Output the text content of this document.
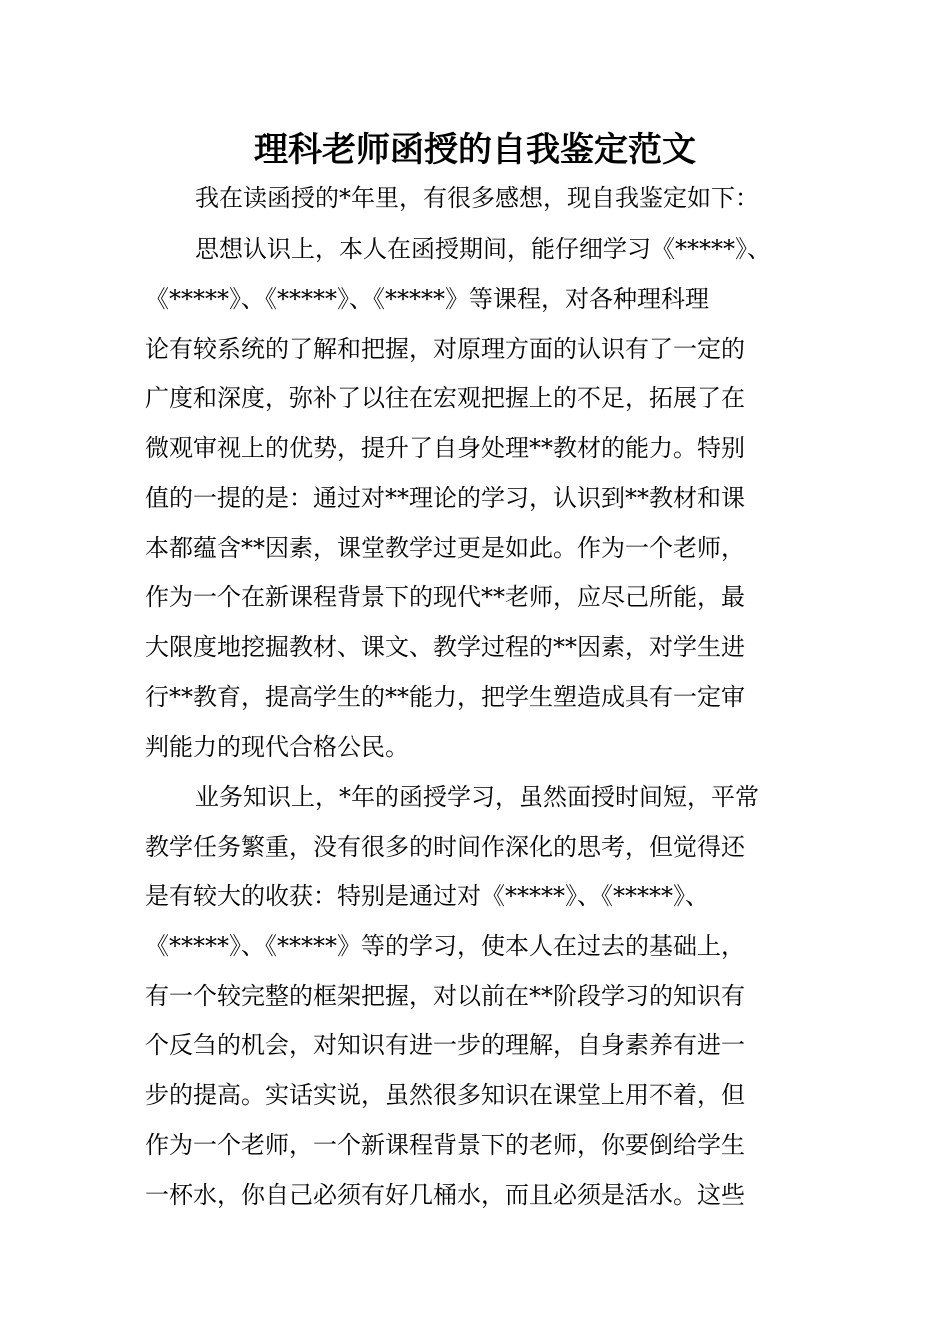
理科老师函授的自我鉴定范文

我在读函授的*年里，有很多感想，现自我鉴定如下：

思想认识上，本人在函授期间，能仔细学习《*****》、

《*****》、《*****》、《*****》等课程，对各种理科理

论有较系统的了解和把握，对原理方面的认识有了一定的

广度和深度，弥补了以往在宏观把握上的不足，拓展了在

微观审视上的优势，提升了自身处理**教材的能力。特别

值的一提的是：通过对**理论的学习，认识到**教材和课

本都蕴含**因素，课堂教学过更是如此。作为一个老师，

作为一个在新课程背景下的现代**老师，应尽己所能，最

大限度地挖掘教材、课文、教学过程的**因素，对学生进

行**教育，提高学生的**能力，把学生塑造成具有一定审

判能力的现代合格公民。

业务知识上，*年的函授学习，虽然面授时间短，平常

教学任务繁重，没有很多的时间作深化的思考，但觉得还

是有较大的收获：特别是通过对《*****》、《*****》、

《*****》、《*****》等的学习，使本人在过去的基础上，

有一个较完整的框架把握，对以前在**阶段学习的知识有

个反刍的机会，对知识有进一步的理解，自身素养有进一

步的提高。实话实说，虽然很多知识在课堂上用不着，但

作为一个老师，一个新课程背景下的老师，你要倒给学生

一杯水，你自己必须有好几桶水，而且必须是活水。这些
